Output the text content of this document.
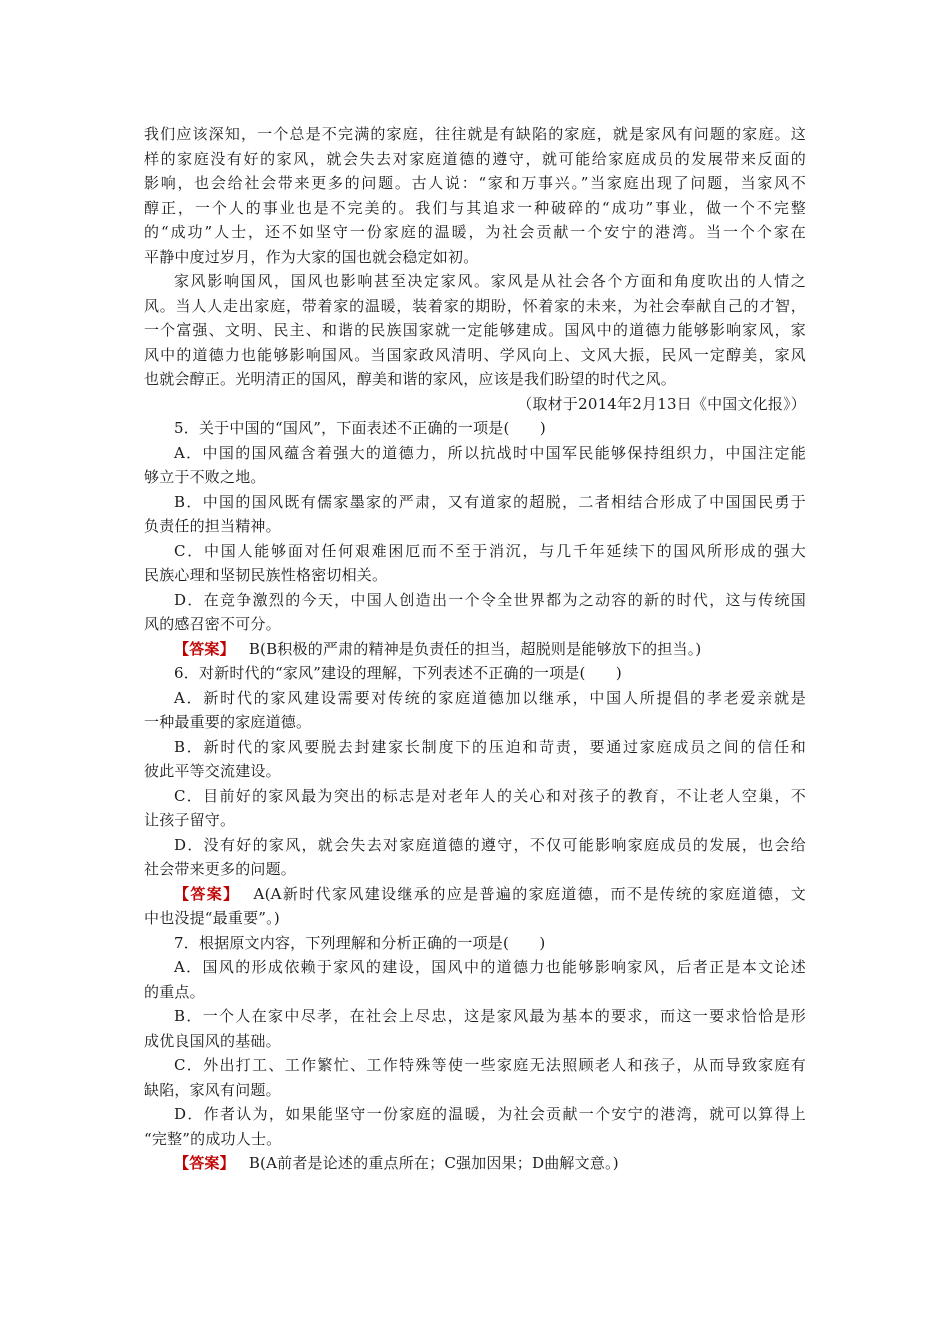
我们应该深知，一个总是不完满的家庭，往往就是有缺陷的家庭，就是家风有问题的家庭。这
样的家庭没有好的家风，就会失去对家庭道德的遵守，就可能给家庭成员的发展带来反面的
影响，也会给社会带来更多的问题。古人说：“家和万事兴。”当家庭出现了问题，当家风不
醇正，一个人的事业也是不完美的。我们与其追求一种破碎的“成功”事业，做一个不完整
的“成功”人士，还不如坚守一份家庭的温暖，为社会贡献一个安宁的港湾。当一个个家在
平静中度过岁月，作为大家的国也就会稳定如初。
家风影响国风，国风也影响甚至决定家风。家风是从社会各个方面和角度吹出的人情之
风。当人人走出家庭，带着家的温暖，装着家的期盼，怀着家的未来，为社会奉献自己的才智，
一个富强、文明、民主、和谐的民族国家就一定能够建成。国风中的道德力能够影响家风，家
风中的道德力也能够影响国风。当国家政风清明、学风向上、文风大振，民风一定醇美，家风
也就会醇正。光明清正的国风，醇美和谐的家风，应该是我们盼望的时代之风。
（取材于2014年2月13日《中国文化报》）
5．关于中国的“国风”，下面表述不正确的一项是(　　)
A．中国的国风蕴含着强大的道德力，所以抗战时中国军民能够保持组织力，中国注定能
够立于不败之地。
B．中国的国风既有儒家墨家的严肃，又有道家的超脱，二者相结合形成了中国国民勇于
负责任的担当精神。
C．中国人能够面对任何艰难困厄而不至于消沉，与几千年延续下的国风所形成的强大
民族心理和坚韧民族性格密切相关。
D．在竞争激烈的今天，中国人创造出一个令全世界都为之动容的新的时代，这与传统国
风的感召密不可分。
【答案】 B(B积极的严肃的精神是负责任的担当，超脱则是能够放下的担当。)
6．对新时代的“家风”建设的理解，下列表述不正确的一项是(　　)
A．新时代的家风建设需要对传统的家庭道德加以继承，中国人所提倡的孝老爱亲就是
一种最重要的家庭道德。
B．新时代的家风要脱去封建家长制度下的压迫和苛责，要通过家庭成员之间的信任和
彼此平等交流建设。
C．目前好的家风最为突出的标志是对老年人的关心和对孩子的教育，不让老人空巢，不
让孩子留守。
D．没有好的家风，就会失去对家庭道德的遵守，不仅可能影响家庭成员的发展，也会给
社会带来更多的问题。
【答案】 A(A新时代家风建设继承的应是普遍的家庭道德，而不是传统的家庭道德，文
中也没提“最重要”。)
7．根据原文内容，下列理解和分析正确的一项是(　　)
A．国风的形成依赖于家风的建设，国风中的道德力也能够影响家风，后者正是本文论述
的重点。
B．一个人在家中尽孝，在社会上尽忠，这是家风最为基本的要求，而这一要求恰恰是形
成优良国风的基础。
C．外出打工、工作繁忙、工作特殊等使一些家庭无法照顾老人和孩子，从而导致家庭有
缺陷，家风有问题。
D．作者认为，如果能坚守一份家庭的温暖，为社会贡献一个安宁的港湾，就可以算得上
“完整”的成功人士。
【答案】 B(A前者是论述的重点所在；C强加因果；D曲解文意。)
